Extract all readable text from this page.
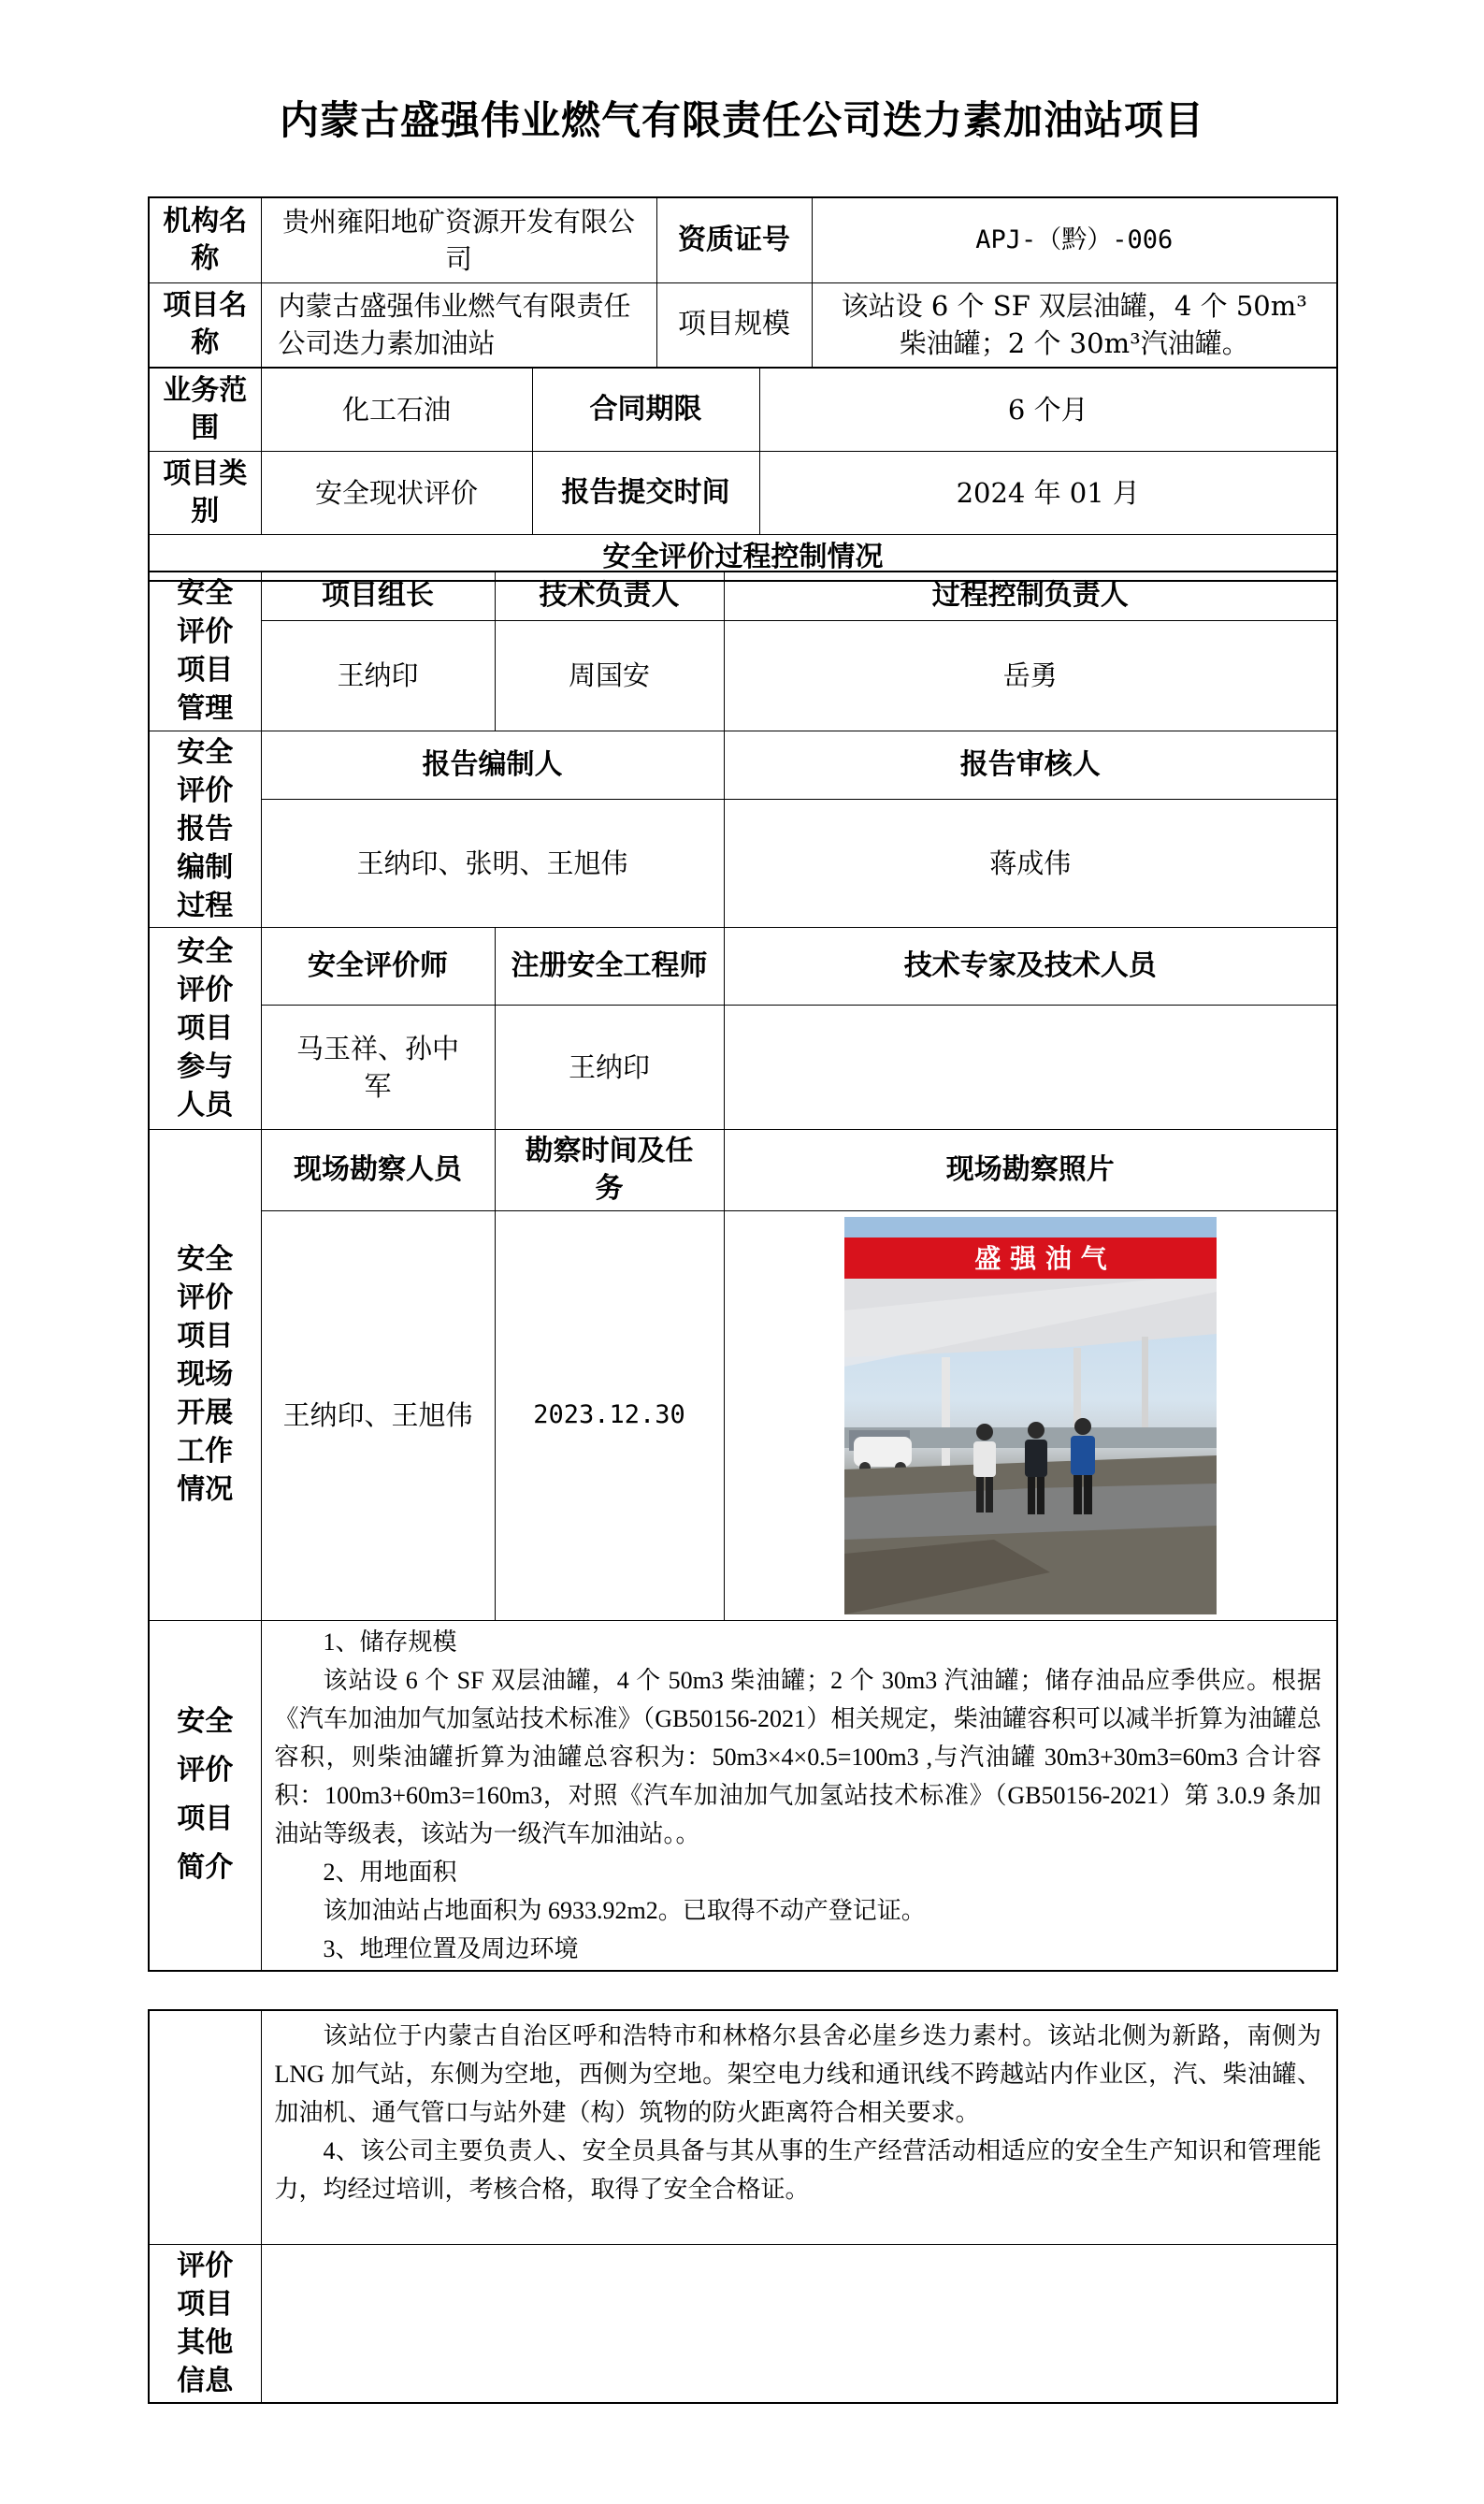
内蒙古盛强伟业燃气有限责任公司迭力素加油站项目
机构名称	贵州雍阳地矿资源开发有限公司	资质证号	APJ-（黔）-006
项目名称	内蒙古盛强伟业燃气有限责任公司迭力素加油站	项目规模	该站设 6 个 SF 双层油罐，4 个 50m³柴油罐；2 个 30m³汽油罐。
业务范围	化工石油	合同期限	6 个月
项目类别	安全现状评价	报告提交时间	2024 年 01 月
安全评价过程控制情况			
安全评价项目管理	项目组长	技术负责人	过程控制负责人
	王纳印	周国安	岳勇
安全评价报告编制过程	报告编制人		报告审核人
	王纳印、张明、王旭伟		蒋成伟
安全评价项目参与人员	安全评价师	注册安全工程师	技术专家及技术人员
	马玉祥、孙中军	王纳印	
安全评价项目现场开展工作情况	现场勘察人员	勘察时间及任务	现场勘察照片
	王纳印、王旭伟	2023.12.30	盛 强 油 气

安全评价项目简介	1、储存规模

该站设 6 个 SF 双层油罐，4 个 50m3 柴油罐；2 个 30m3 汽油罐；储存油品应季供应。根据《汽车加油加气加氢站技术标准》（GB50156-2021）相关规定，柴油罐容积可以减半折算为油罐总容积，则柴油罐折算为油罐总容积为：50m3×4×0.5=100m3 ,与汽油罐 30m3+30m3=60m3 合计容积：100m3+60m3=160m3，对照《汽车加油加气加氢站技术标准》（GB50156-2021）第 3.0.9 条加油站等级表，该站为一级汽车加油站。。

2、用地面积

该加油站占地面积为 6933.92m2。已取得不动产登记证。

3、地理位置及周边环境		

	该站位于内蒙古自治区呼和浩特市和林格尔县舍必崖乡迭力素村。该站北侧为新路，南侧为 LNG 加气站，东侧为空地，西侧为空地。架空电力线和通讯线不跨越站内作业区，汽、柴油罐、加油机、通气管口与站外建（构）筑物的防火距离符合相关要求。

4、该公司主要负责人、安全员具备与其从事的生产经营活动相适应的安全生产知识和管理能力，均经过培训，考核合格，取得了安全合格证。

评价项目其他信息	
